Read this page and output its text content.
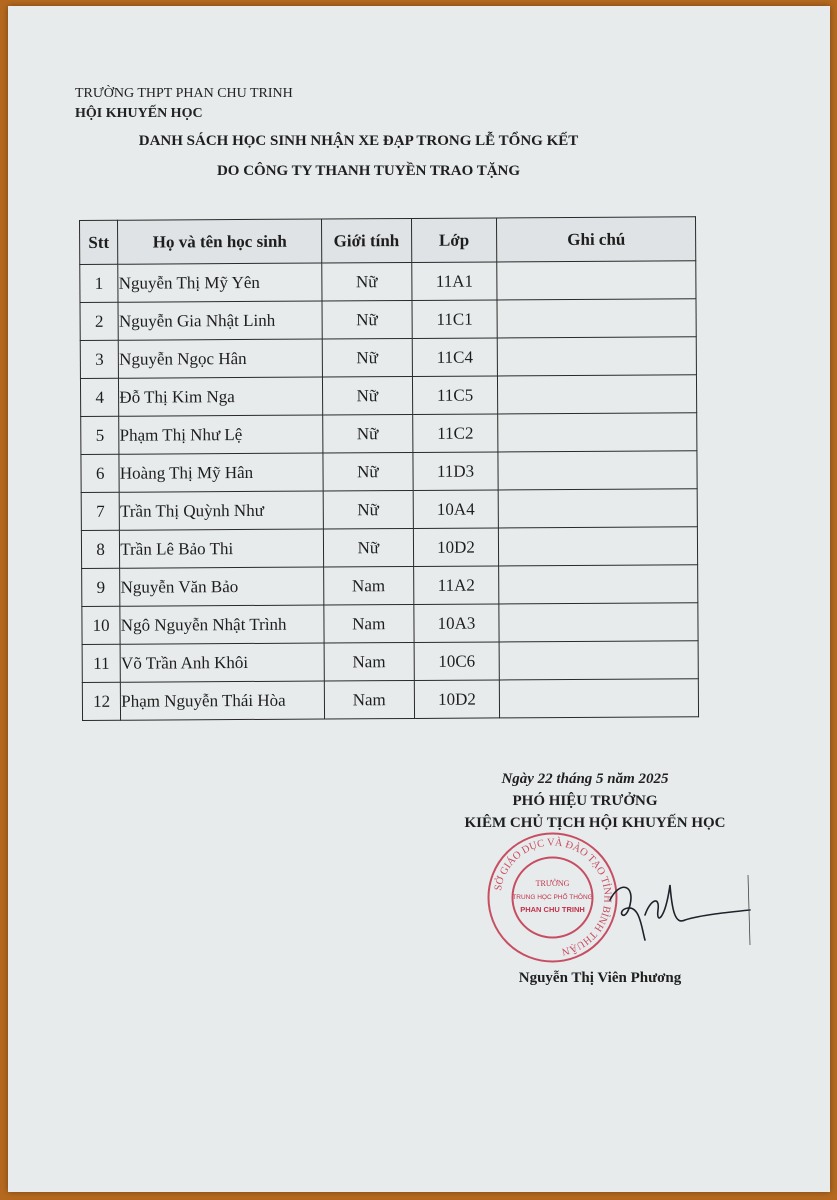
TRƯỜNG THPT PHAN CHU TRINH
HỘI KHUYẾN HỌC
DANH SÁCH HỌC SINH NHẬN XE ĐẠP TRONG LỄ TỔNG KẾT
DO CÔNG TY THANH TUYỀN TRAO TẶNG
Stt	Họ và tên học sinh	Giới tính	Lớp	Ghi chú
1	Nguyễn Thị Mỹ Yên	Nữ	11A1	
2	Nguyễn Gia Nhật Linh	Nữ	11C1	
3	Nguyễn Ngọc Hân	Nữ	11C4	
4	Đỗ Thị Kim Nga	Nữ	11C5	
5	Phạm Thị Như Lệ	Nữ	11C2	
6	Hoàng Thị Mỹ Hân	Nữ	11D3	
7	Trần Thị Quỳnh Như	Nữ	10A4	
8	Trần Lê Bảo Thi	Nữ	10D2	
9	Nguyễn Văn Bảo	Nam	11A2	
10	Ngô Nguyễn Nhật Trình	Nam	10A3	
11	Võ Trần Anh Khôi	Nam	10C6	
12	Phạm Nguyễn Thái Hòa	Nam	10D2	
Ngày 22 tháng 5 năm 2025
PHÓ HIỆU TRƯỞNG
KIÊM CHỦ TỊCH HỘI KHUYẾN HỌC
SỞ GIÁO DỤC VÀ ĐÀO TẠO TỈNH BÌNH THUẬN
TRƯỜNG
TRUNG HỌC PHỔ THÔNG
PHAN CHU TRINH
Nguyễn Thị Viên Phương
